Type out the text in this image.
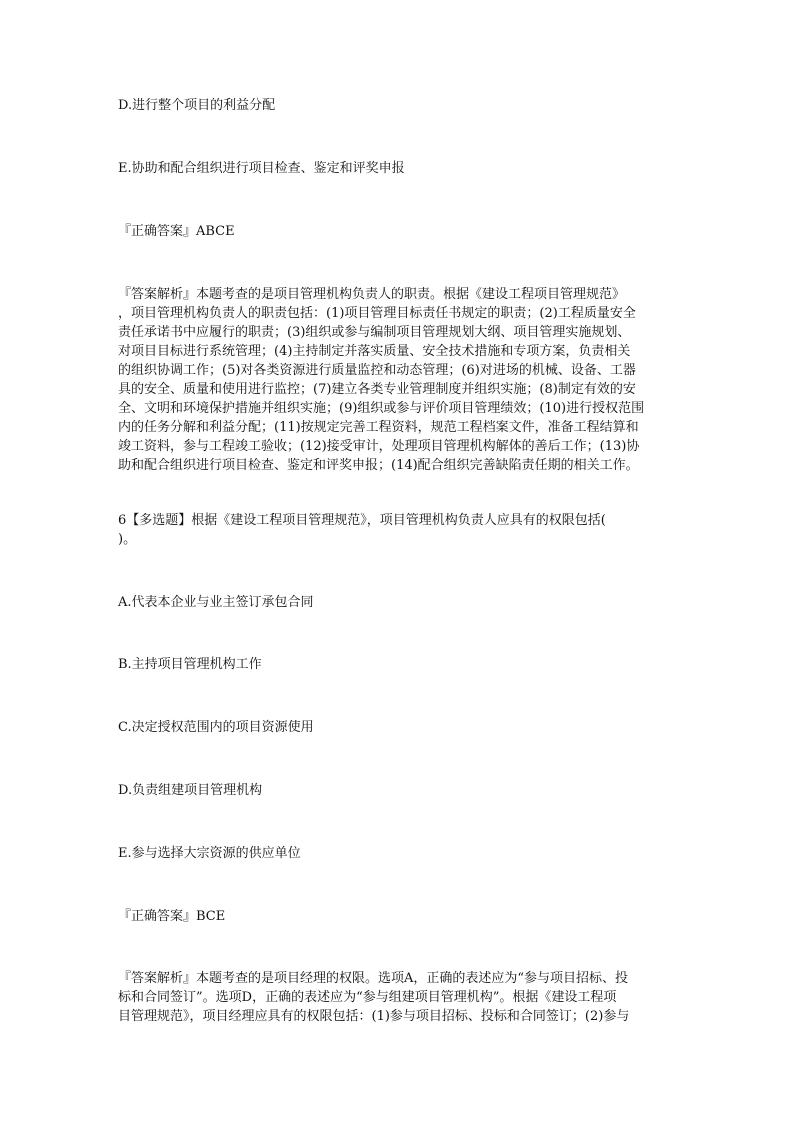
D.进行整个项目的利益分配
E.协助和配合组织进行项目检查、鉴定和评奖申报
『正确答案』ABCE
『答案解析』本题考查的是项目管理机构负责人的职责。根据《建设工程项目管理规范》
，项目管理机构负责人的职责包括：(1)项目管理目标责任书规定的职责；(2)工程质量安全
责任承诺书中应履行的职责；(3)组织或参与编制项目管理规划大纲、项目管理实施规划、
对项目目标进行系统管理；(4)主持制定并落实质量、安全技术措施和专项方案，负责相关
的组织协调工作；(5)对各类资源进行质量监控和动态管理；(6)对进场的机械、设备、工器
具的安全、质量和使用进行监控；(7)建立各类专业管理制度并组织实施；(8)制定有效的安
全、文明和环境保护措施并组织实施；(9)组织或参与评价项目管理绩效；(10)进行授权范围
内的任务分解和利益分配；(11)按规定完善工程资料，规范工程档案文件，准备工程结算和
竣工资料，参与工程竣工验收；(12)接受审计，处理项目管理机构解体的善后工作；(13)协
助和配合组织进行项目检查、鉴定和评奖申报；(14)配合组织完善缺陷责任期的相关工作。
6【多选题】根据《建设工程项目管理规范》，项目管理机构负责人应具有的权限包括(
)。
A.代表本企业与业主签订承包合同
B.主持项目管理机构工作
C.决定授权范围内的项目资源使用
D.负责组建项目管理机构
E.参与选择大宗资源的供应单位
『正确答案』BCE
『答案解析』本题考查的是项目经理的权限。选项A，正确的表述应为“参与项目招标、投
标和合同签订”。选项D，正确的表述应为“参与组建项目管理机构”。根据《建设工程项
目管理规范》，项目经理应具有的权限包括：(1)参与项目招标、投标和合同签订；(2)参与
